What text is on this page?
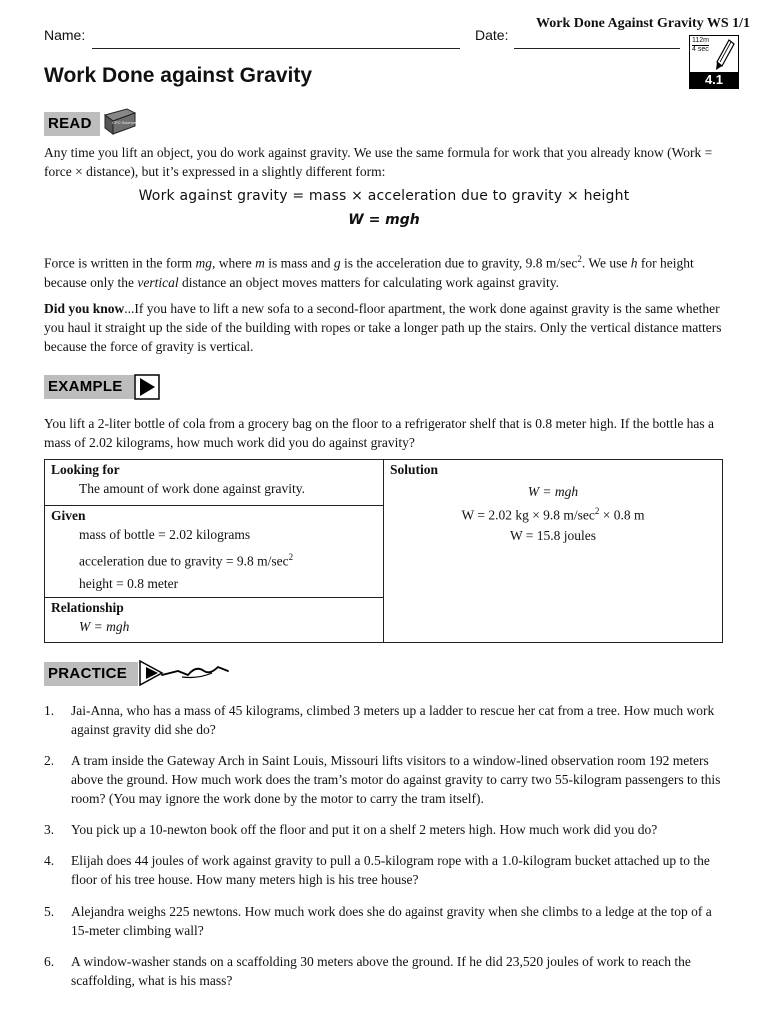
Work Done Against Gravity WS 1/1
Name:	Date:	112m
4 sec
4.1
Work Done against Gravity
READ	CPO Science
Any time you lift an object, you do work against gravity. We use the same formula for work that you already know (Work = force × distance), but it’s expressed in a slightly different form:
Work against gravity = mass × acceleration due to gravity × height
W = mgh
Force is written in the form mg, where m is mass and g is the acceleration due to gravity, 9.8 $m/\sec^2$. We use h for height because only the vertical distance an object moves matters for calculating work against gravity.
Did you know...If you have to lift a new sofa to a second-floor apartment, the work done against gravity is the same whether you haul it straight up the side of the building with ropes or take a longer path up the stairs. Only the vertical distance matters because the force of gravity is vertical.
EXAMPLE
You lift a 2-liter bottle of cola from a grocery bag on the floor to a refrigerator shelf that is 0.8 meter high. If the bottle has a mass of 2.02 kilograms, how much work did you do against gravity?
Looking for
The amount of work done against gravity.

Solution
W = mgh
W = 2.02 kg × 9.8 $m/\sec^2 \times 0.8$ m
W = 15.8 joules

Given
mass of bottle = 2.02 kilograms
acceleration due to gravity = 9.8 $m/\sec^2$
height = 0.8 meter

Relationship
W = mgh
PRACTICE
1. Jai-Anna, who has a mass of 45 kilograms, climbed 3 meters up a ladder to rescue her cat from a tree. How much work against gravity did she do?
2. A tram inside the Gateway Arch in Saint Louis, Missouri lifts visitors to a window-lined observation room 192 meters above the ground. How much work does the tram’s motor do against gravity to carry two 55-kilogram passengers to this room? (You may ignore the work done by the motor to carry the tram itself).
3. You pick up a 10-newton book off the floor and put it on a shelf 2 meters high. How much work did you do?
4. Elijah does 44 joules of work against gravity to pull a 0.5-kilogram rope with a 1.0-kilogram bucket attached up to the floor of his tree house. How many meters high is his tree house?
5. Alejandra weighs 225 newtons. How much work does she do against gravity when she climbs to a ledge at the top of a 15-meter climbing wall?
6. A window-washer stands on a scaffolding 30 meters above the ground. If he did 23,520 joules of work to reach the scaffolding, what is his mass?
